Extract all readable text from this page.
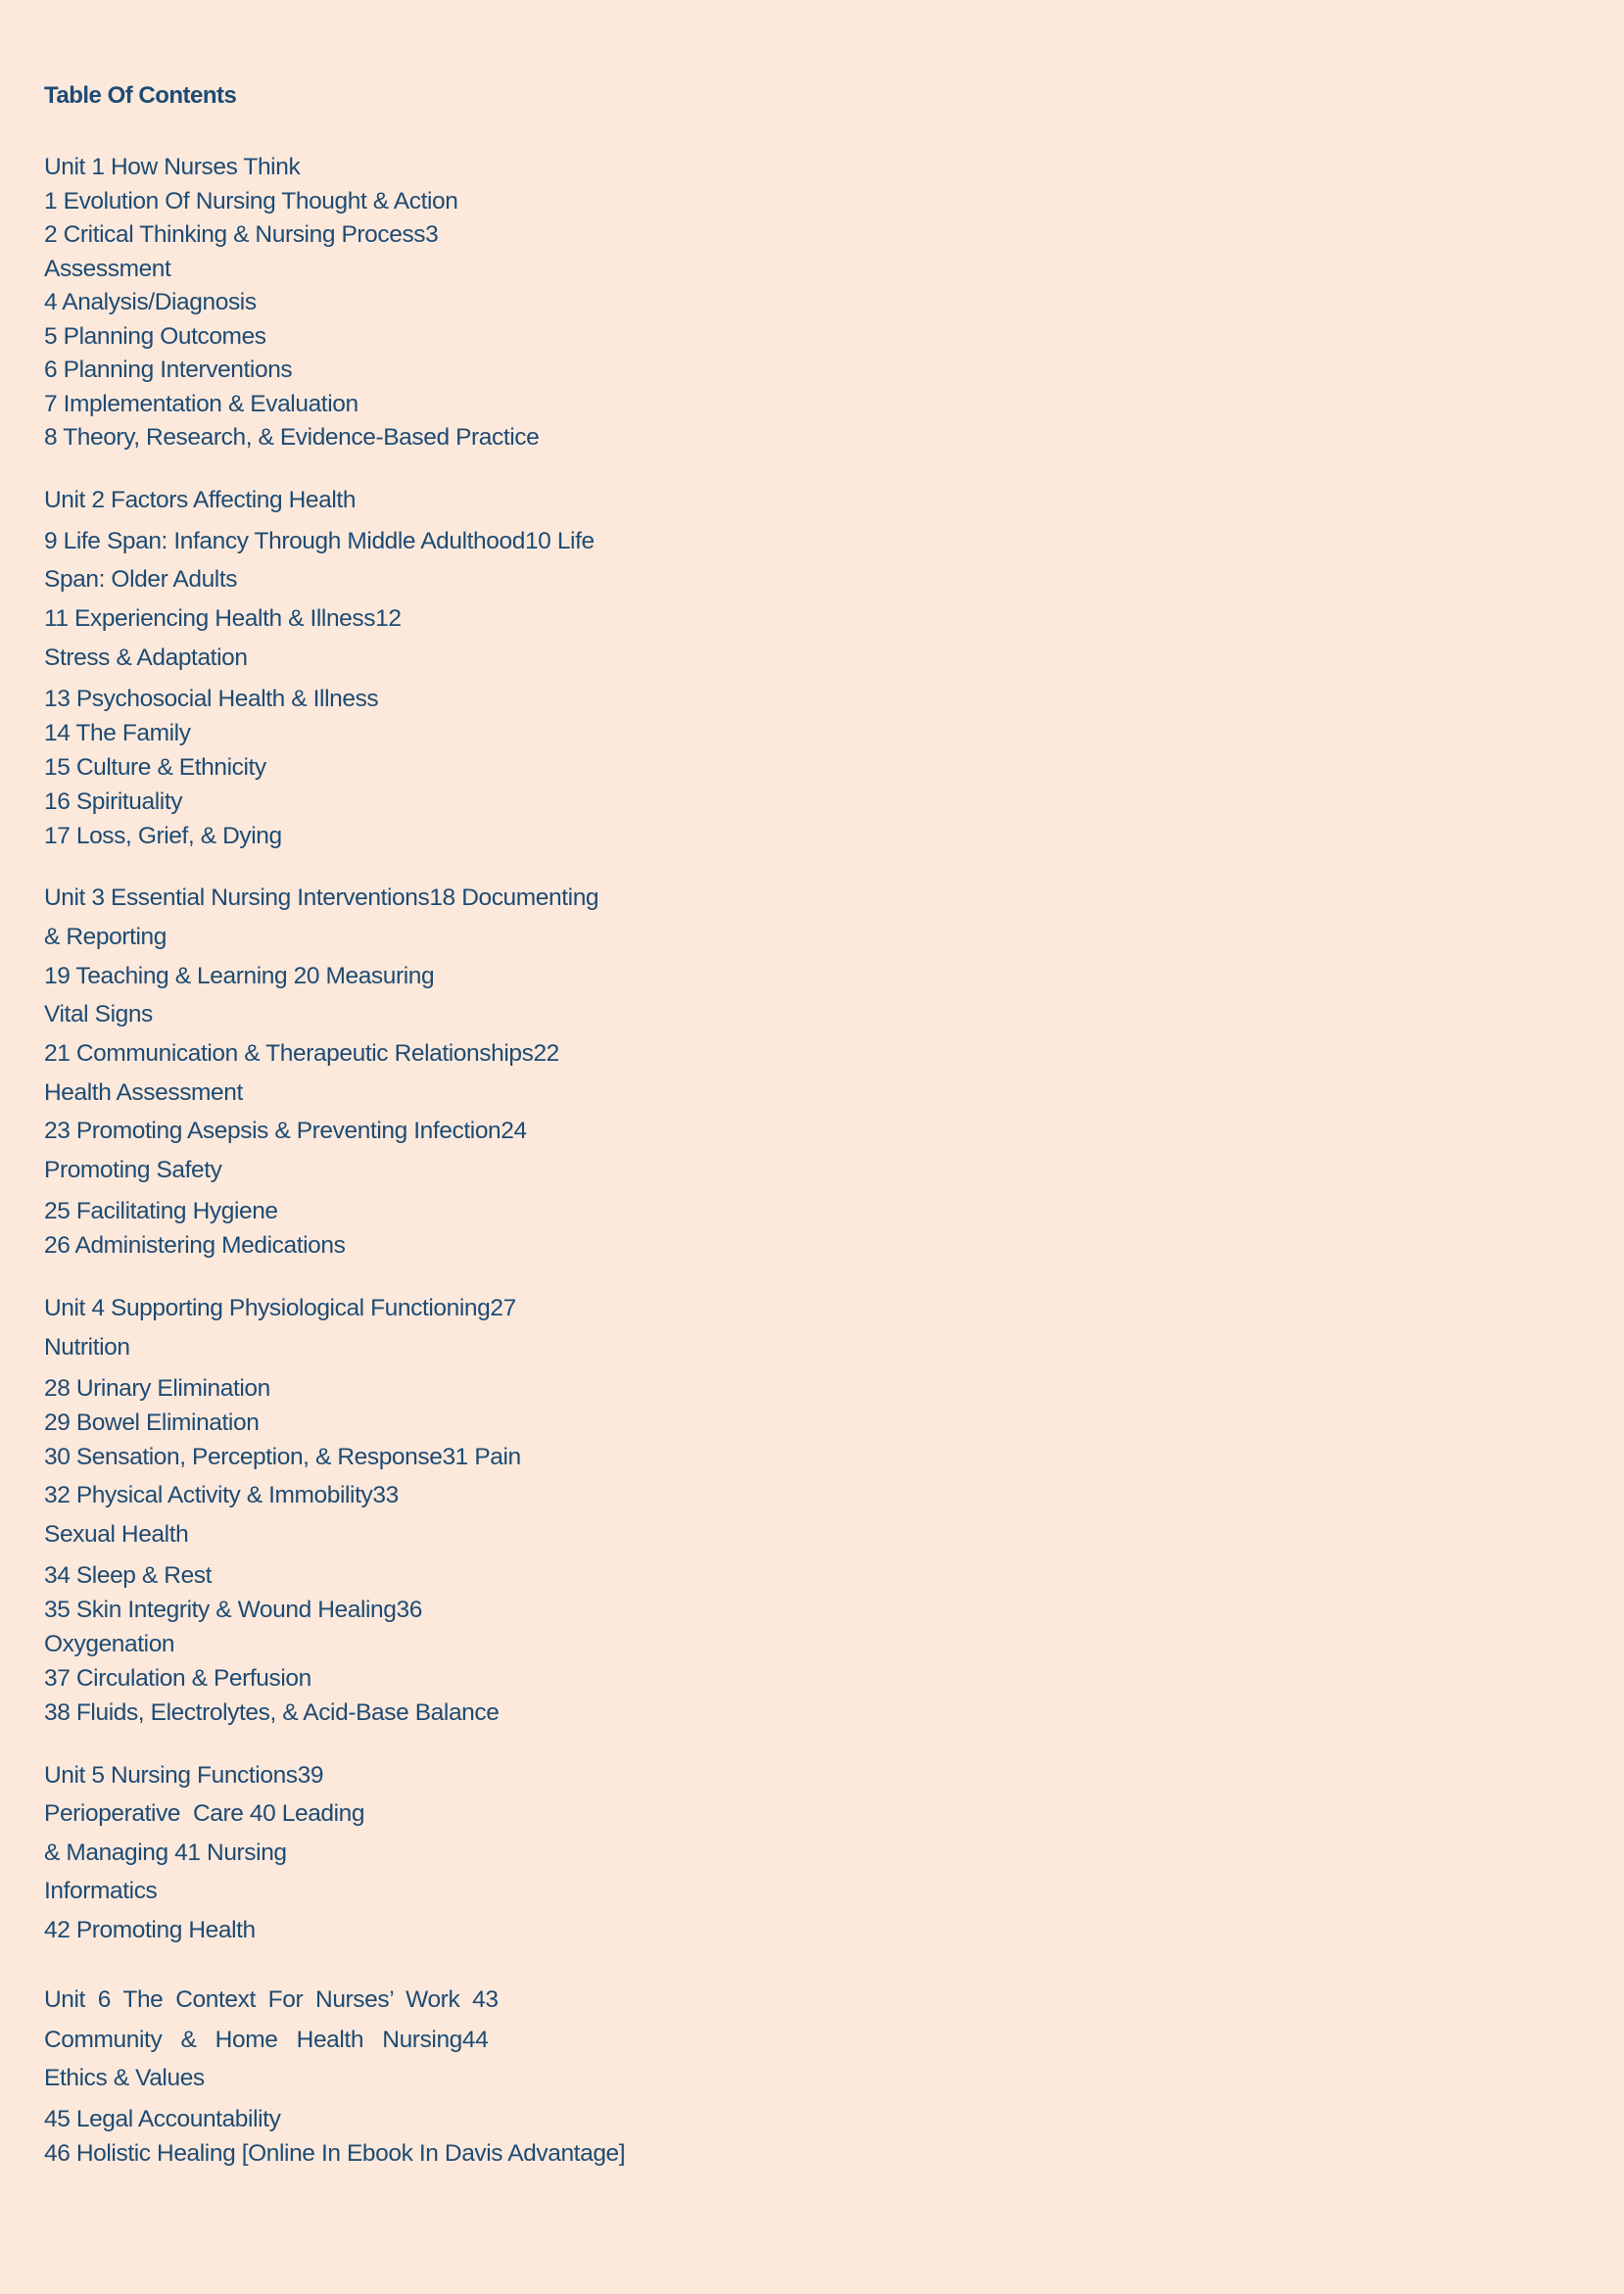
Table Of Contents
Unit 1 How Nurses Think
1 Evolution Of Nursing Thought & Action
2 Critical Thinking & Nursing Process3
Assessment
4 Analysis/Diagnosis
5 Planning Outcomes
6 Planning Interventions
7 Implementation & Evaluation
8 Theory, Research, & Evidence-Based Practice
Unit 2 Factors Affecting Health
9 Life Span: Infancy Through Middle Adulthood10 Life
Span: Older Adults
11 Experiencing Health & Illness12
Stress & Adaptation
13 Psychosocial Health & Illness
14 The Family
15 Culture & Ethnicity
16 Spirituality
17 Loss, Grief, & Dying
Unit 3 Essential Nursing Interventions18 Documenting
& Reporting
19 Teaching & Learning 20 Measuring
Vital Signs
21 Communication & Therapeutic Relationships22
Health Assessment
23 Promoting Asepsis & Preventing Infection24
Promoting Safety
25 Facilitating Hygiene
26 Administering Medications
Unit 4 Supporting Physiological Functioning27
Nutrition
28 Urinary Elimination
29 Bowel Elimination
30 Sensation, Perception, & Response31 Pain
32 Physical Activity & Immobility33
Sexual Health
34 Sleep & Rest
35 Skin Integrity & Wound Healing36
Oxygenation
37 Circulation & Perfusion
38 Fluids, Electrolytes, & Acid-Base Balance
Unit 5 Nursing Functions39
Perioperative  Care 40 Leading
& Managing 41 Nursing
Informatics
42 Promoting Health
Unit  6  The  Context  For  Nurses’  Work  43
Community   &   Home   Health   Nursing44
Ethics & Values
45 Legal Accountability
46 Holistic Healing [Online In Ebook In Davis Advantage]
